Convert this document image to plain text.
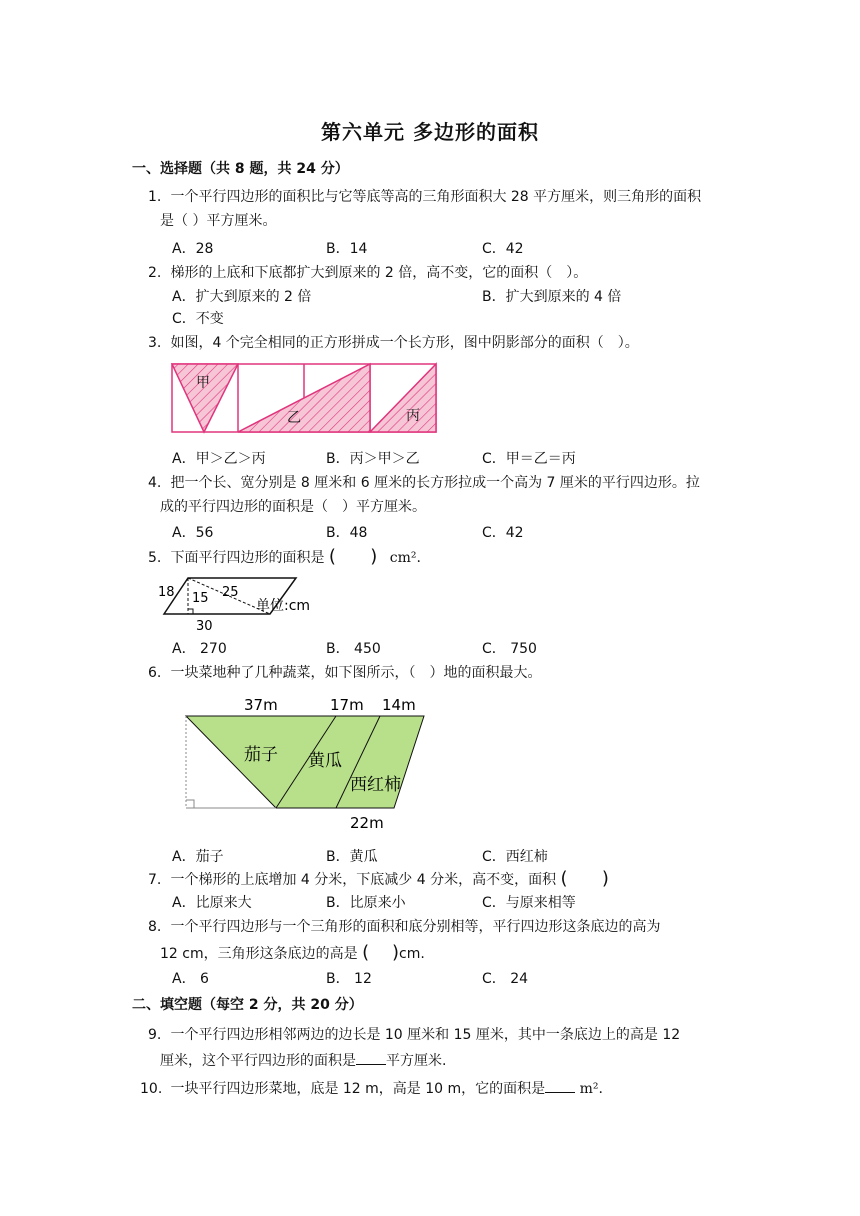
第六单元 多边形的面积
一、选择题（共 8 题，共 24 分）
1. 一个平行四边形的面积比与它等底等高的三角形面积大 28 平方厘米，则三角形的面积
是（ ）平方厘米。
A．28	B．14	C．42
2. 梯形的上底和下底都扩大到原来的 2 倍，高不变，它的面积（　）。
A．扩大到原来的 2 倍	B．扩大到原来的 4 倍
C．不变
3. 如图，4 个完全相同的正方形拼成一个长方形，图中阴影部分的面积（　）。
甲
乙	丙
A．甲＞乙＞丙	B．丙＞甲＞乙	C．甲＝乙＝丙
4. 把一个长、宽分别是 8 厘米和 6 厘米的长方形拉成一个高为 7 厘米的平行四边形。拉
成的平行四边形的面积是（　）平方厘米。
A．56	B．48	C．42
5. 下面平行四边形的面积是 (      ) cm².
18 15 25
30
单位:cm
A． 270	B． 450	C． 750
6. 一块菜地种了几种蔬菜，如下图所示，（　）地的面积最大。
37m	17m 14m
茄子 黄瓜
西红柿
22m
A．茄子	B．黄瓜	C．西红柿
7. 一个梯形的上底增加 4 分米，下底减少 4 分米，高不变，面积 (      )
A．比原来大	B．比原来小	C．与原来相等
8. 一个平行四边形与一个三角形的面积和底分别相等，平行四边形这条底边的高为
12 cm，三角形这条底边的高是 (    )cm.
A． 6	B． 12	C． 24
二、填空题（每空 2 分，共 20 分）
9. 一个平行四边形相邻两边的边长是 10 厘米和 15 厘米，其中一条底边上的高是 12
厘米，这个平行四边形的面积是 平方厘米.
10. 一块平行四边形菜地，底是 12 m，高是 10 m，它的面积是 m².
